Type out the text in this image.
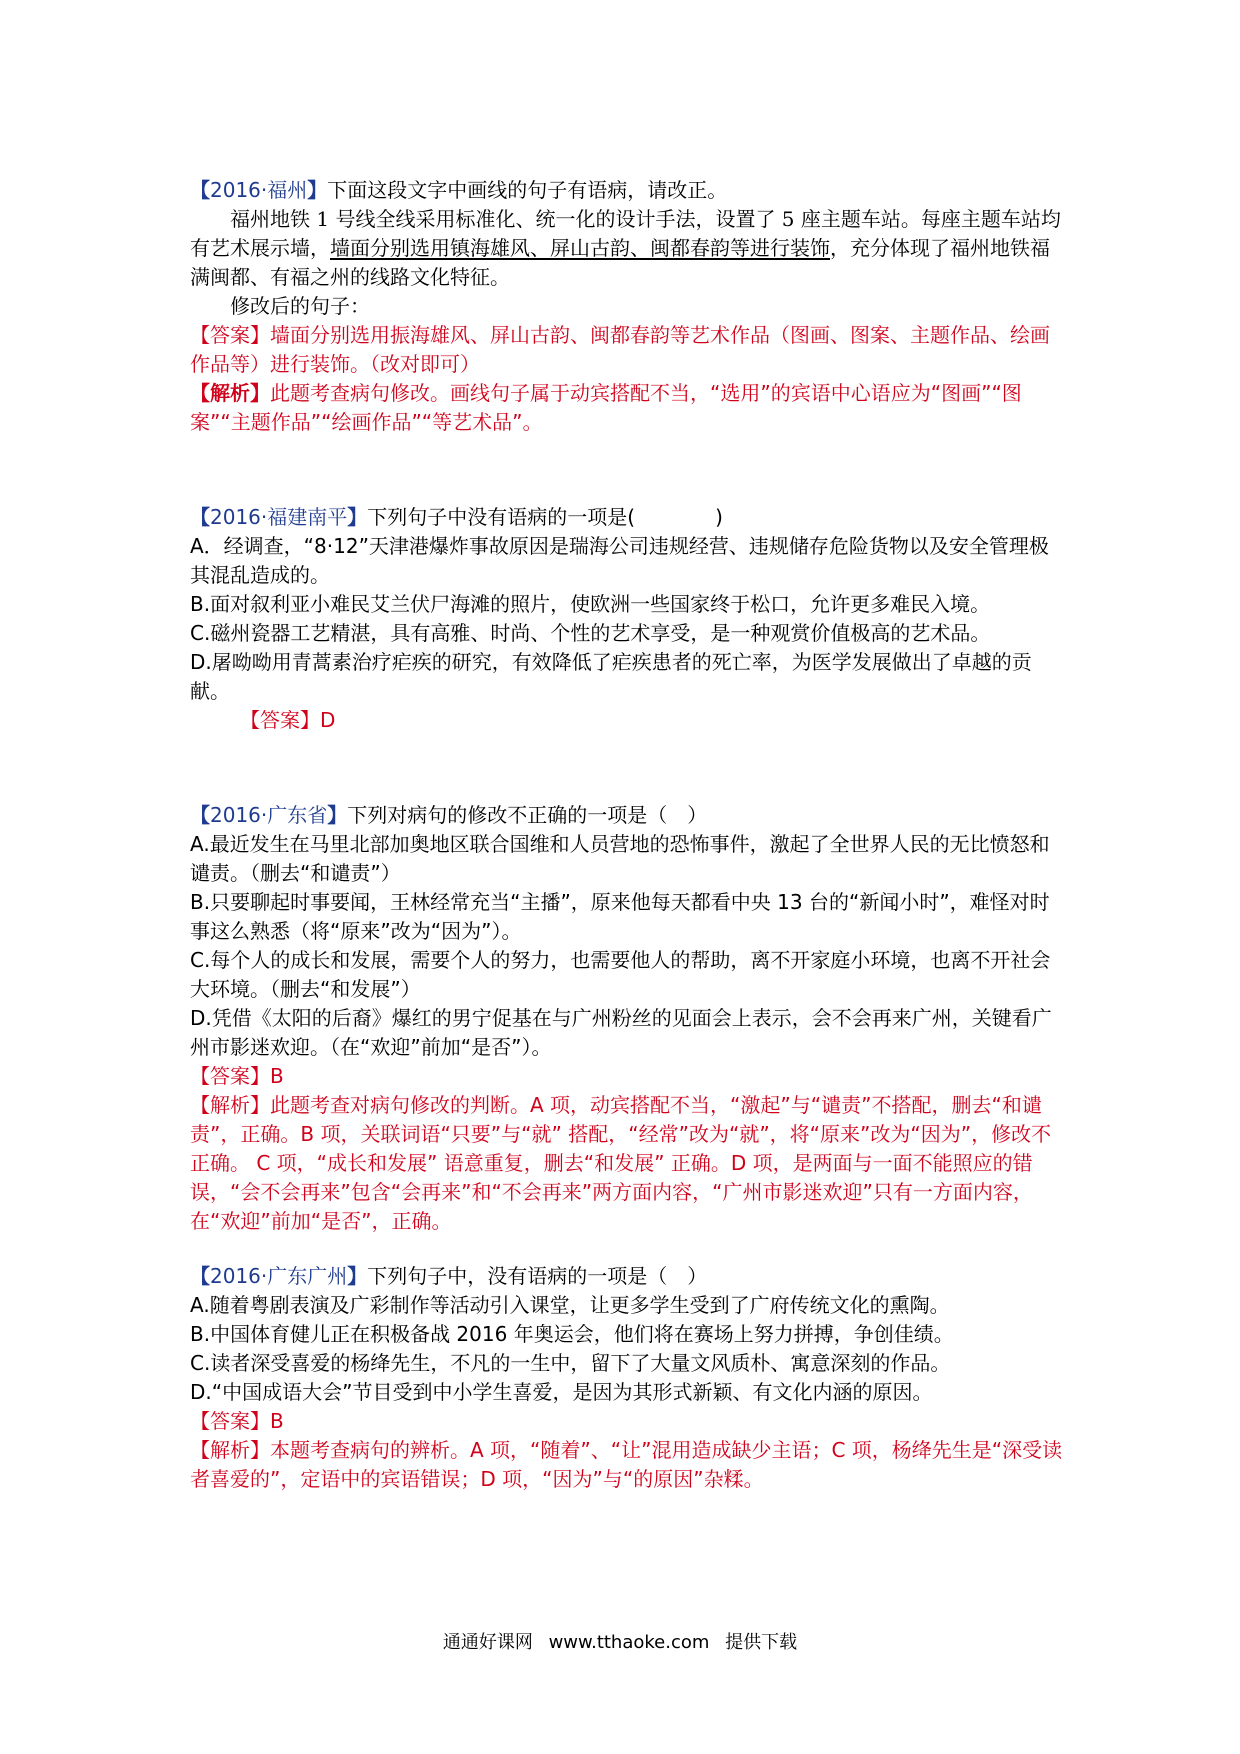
【2016·福州】下面这段文字中画线的句子有语病，请改正。

福州地铁 1 号线全线采用标准化、统一化的设计手法，设置了 5 座主题车站。每座主题车站均有艺术展示墙，墙面分别选用镇海雄风、屏山古韵、闽都春韵等进行装饰，充分体现了福州地铁福满闽都、有福之州的线路文化特征。

修改后的句子：

【答案】墙面分别选用振海雄风、屏山古韵、闽都春韵等艺术作品（图画、图案、主题作品、绘画作品等）进行装饰。（改对即可）

【解析】此题考查病句修改。画线句子属于动宾搭配不当，“选用”的宾语中心语应为“图画”“图案”“主题作品”“绘画作品”“等艺术品”。

【2016·福建南平】下列句子中没有语病的一项是(　　　　)

A．经调查，“8·12”天津港爆炸事故原因是瑞海公司违规经营、违规储存危险货物以及安全管理极其混乱造成的。

B.面对叙利亚小难民艾兰伏尸海滩的照片，使欧洲一些国家终于松口，允许更多难民入境。

C.磁州瓷器工艺精湛，具有高雅、时尚、个性的艺术享受，是一种观赏价值极高的艺术品。

D.屠呦呦用青蒿素治疗疟疾的研究，有效降低了疟疾患者的死亡率，为医学发展做出了卓越的贡献。

【答案】D

【2016·广东省】下列对病句的修改不正确的一项是（　）

A.最近发生在马里北部加奥地区联合国维和人员营地的恐怖事件，激起了全世界人民的无比愤怒和谴责。（删去“和谴责”）

B.只要聊起时事要闻，王林经常充当“主播”，原来他每天都看中央 13 台的“新闻小时”，难怪对时事这么熟悉（将“原来”改为“因为”）。

C.每个人的成长和发展，需要个人的努力，也需要他人的帮助，离不开家庭小环境，也离不开社会大环境。（删去“和发展”）

D.凭借《太阳的后裔》爆红的男宁促基在与广州粉丝的见面会上表示，会不会再来广州，关键看广州市影迷欢迎。（在“欢迎”前加“是否”）。

【答案】B

【解析】此题考查对病句修改的判断。A 项，动宾搭配不当，“激起”与“谴责”不搭配，删去“和谴责”，正确。B 项，关联词语“只要”与“就” 搭配，“经常”改为“就”，将“原来”改为“因为”，修改不正确。 C 项，“成长和发展” 语意重复，删去“和发展” 正确。D 项，是两面与一面不能照应的错误，“会不会再来”包含“会再来”和“不会再来”两方面内容，“广州市影迷欢迎”只有一方面内容，在“欢迎”前加“是否”，正确。

【2016·广东广州】下列句子中，没有语病的一项是（　）

A.随着粤剧表演及广彩制作等活动引入课堂，让更多学生受到了广府传统文化的熏陶。

B.中国体育健儿正在积极备战 2016 年奥运会，他们将在赛场上努力拼搏，争创佳绩。

C.读者深受喜爱的杨绛先生，不凡的一生中，留下了大量文风质朴、寓意深刻的作品。

D.“中国成语大会”节目受到中小学生喜爱，是因为其形式新颖、有文化内涵的原因。

【答案】B

【解析】本题考查病句的辨析。A 项，“随着”、“让”混用造成缺少主语；C 项，杨绛先生是“深受读者喜爱的”，定语中的宾语错误；D 项，“因为”与“的原因”杂糅。

通通好课网 www.tthaoke.com 提供下载
